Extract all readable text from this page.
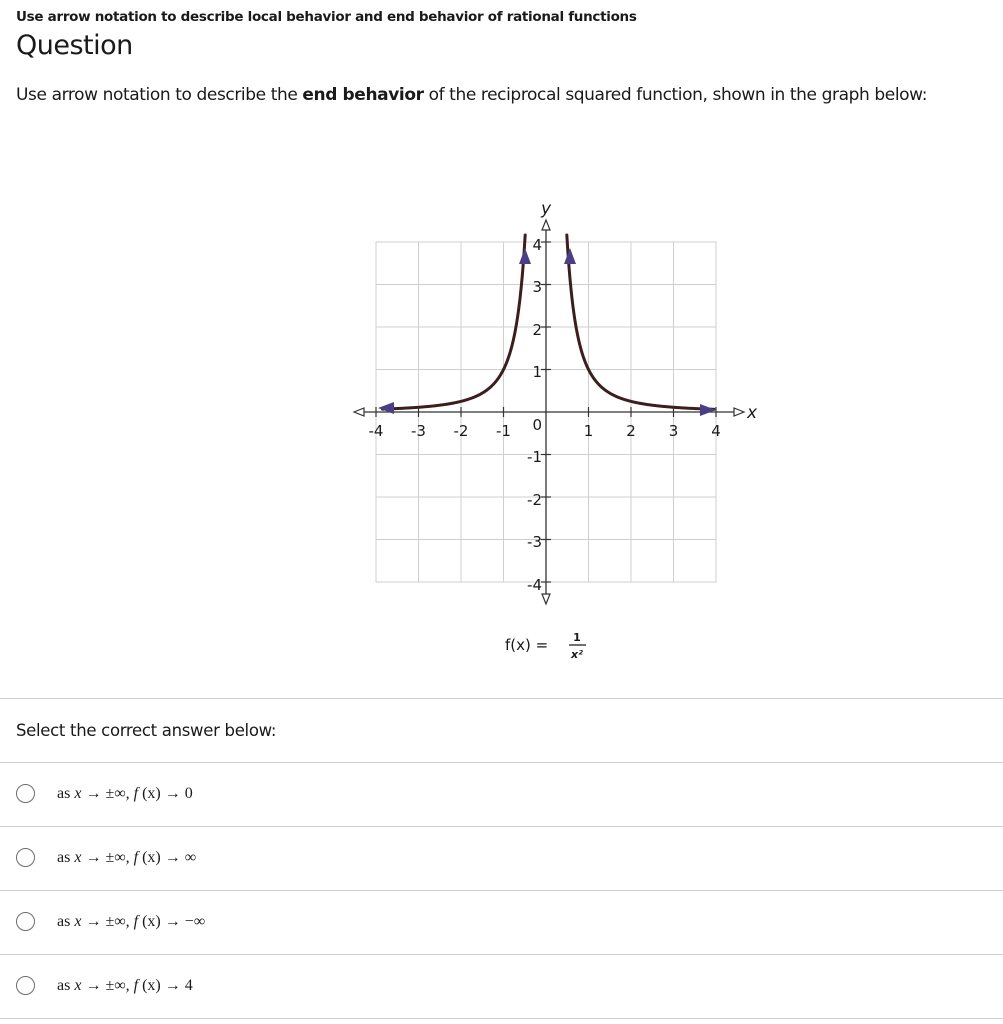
Use arrow notation to describe local behavior and end behavior of rational functions
Question
Use arrow notation to describe the end behavior of the reciprocal squared function, shown in the graph below:
-4 -3 -2 -1	1 2 3 4
4
3
2
1
-1
-2
-3
-4
0
x
y
f(x) = 1
x²
Select the correct answer below:
as x → ±∞, f (x) → 0
as x → ±∞, f (x) → ∞
as x → ±∞, f (x) → −∞
as x → ±∞, f (x) → 4
